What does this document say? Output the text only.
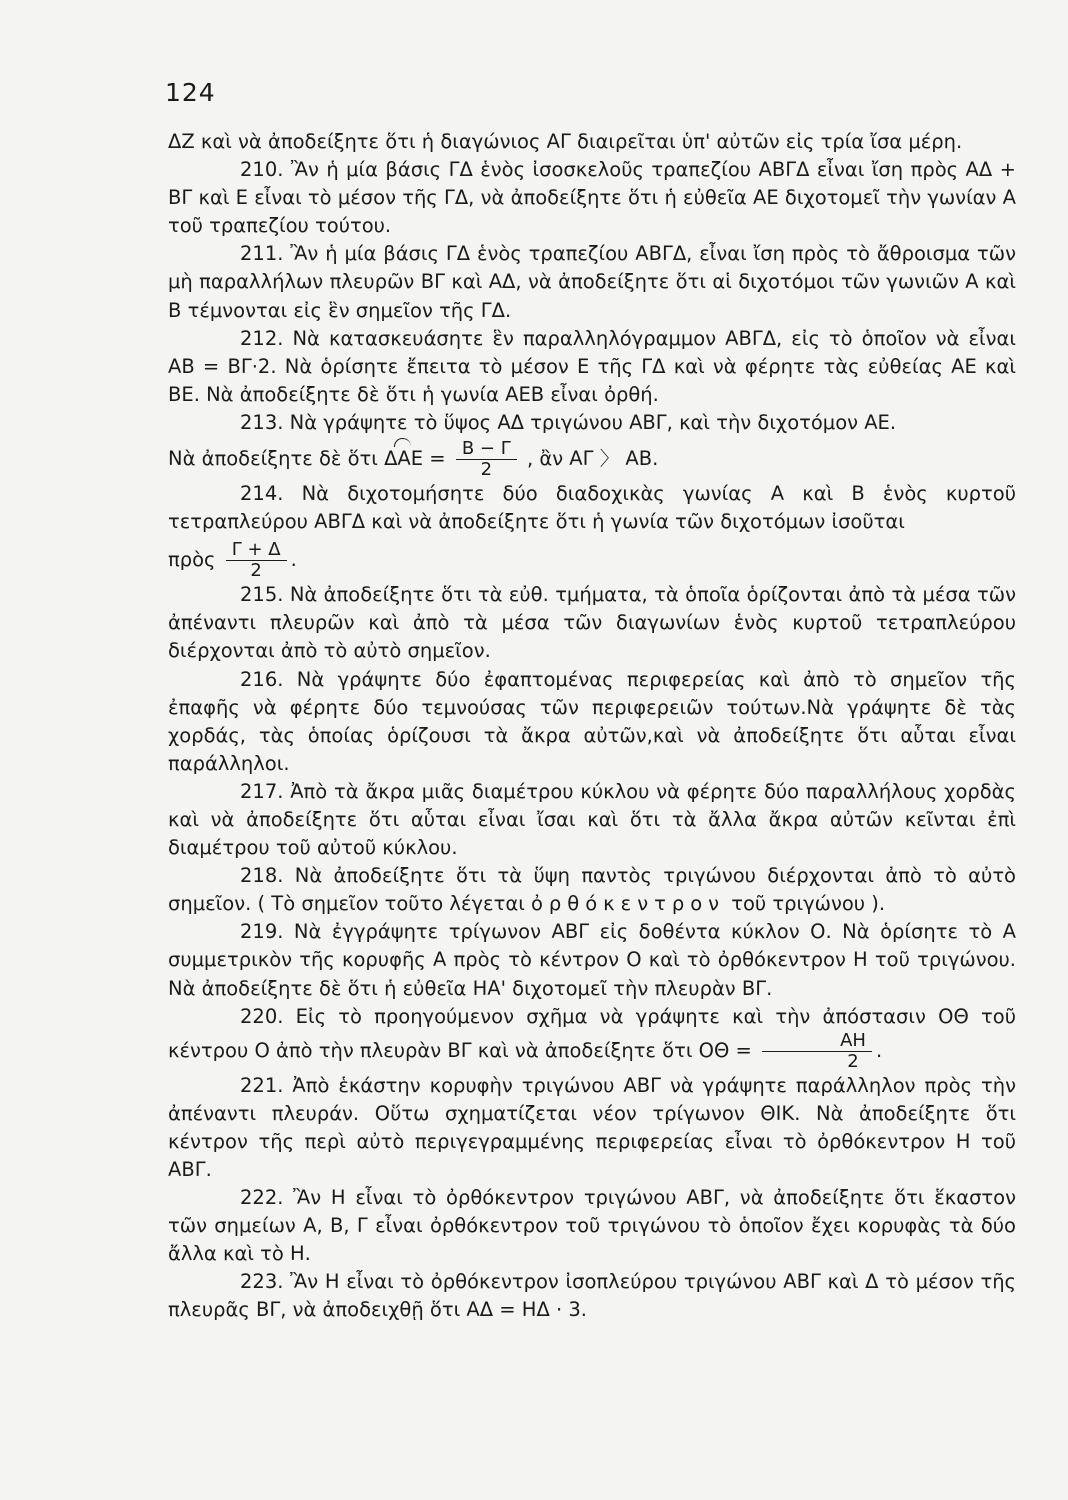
124

ΔΖ καὶ νὰ ἀποδείξητε ὅτι ἡ διαγώνιος ΑΓ διαιρεῖται ὑπ' αὐτῶν εἰς τρία ἴσα μέρη.

210. Ἂν ἡ μία βάσις ΓΔ ἑνὸς ἰσοσκελοῦς τραπεζίου ΑΒΓΔ εἶναι ἴση πρὸς ΑΔ + ΒΓ καὶ Ε εἶναι τὸ μέσον τῆς ΓΔ, νὰ ἀποδείξητε ὅτι ἡ εὐθεῖα ΑΕ διχοτομεῖ τὴν γωνίαν Α τοῦ τραπεζίου τούτου.

211. Ἂν ἡ μία βάσις ΓΔ ἑνὸς τραπεζίου ΑΒΓΔ, εἶναι ἴση πρὸς τὸ ἄθροισμα τῶν μὴ παραλλήλων πλευρῶν ΒΓ καὶ ΑΔ, νὰ ἀποδείξητε ὅτι αἱ διχοτόμοι τῶν γωνιῶν Α καὶ Β τέμνονται εἰς ἓν σημεῖον τῆς ΓΔ.

212. Νὰ κατασκευάσητε ἓν παραλληλόγραμμον ΑΒΓΔ, εἰς τὸ ὁποῖον νὰ εἶναι ΑΒ = ΒΓ·2. Νὰ ὁρίσητε ἔπειτα τὸ μέσον Ε τῆς ΓΔ καὶ νὰ φέρητε τὰς εὐθείας ΑΕ καὶ ΒΕ. Νὰ ἀποδείξητε δὲ ὅτι ἡ γωνία ΑΕΒ εἶναι ὀρθή.

213. Νὰ γράψητε τὸ ὕψος ΑΔ τριγώνου ΑΒΓ, καὶ τὴν διχοτόμον ΑΕ.
Νὰ ἀποδείξητε δὲ ὅτι $\Delta AE = \frac{B - \Gamma}{2}$ , ἂν ΑΓ 〉 ΑΒ.

214. Νὰ διχοτομήσητε δύο διαδοχικὰς γωνίας Α καὶ Β ἑνὸς κυρτοῦ τετραπλεύρου ΑΒΓΔ καὶ νὰ ἀποδείξητε ὅτι ἡ γωνία τῶν διχοτόμων ἰσοῦται
πρὸς $\frac{\Gamma + \Delta}{2}$ .

215. Νὰ ἀποδείξητε ὅτι τὰ εὐθ. τμήματα, τὰ ὁποῖα ὁρίζονται ἀπὸ τὰ μέσα τῶν ἀπέναντι πλευρῶν καὶ ἀπὸ τὰ μέσα τῶν διαγωνίων ἑνὸς κυρτοῦ τετραπλεύρου διέρχονται ἀπὸ τὸ αὐτὸ σημεῖον.

216. Νὰ γράψητε δύο ἐφαπτομένας περιφερείας καὶ ἀπὸ τὸ σημεῖον τῆς ἐπαφῆς νὰ φέρητε δύο τεμνούσας τῶν περιφερειῶν τούτων.Νὰ γράψητε δὲ τὰς χορδάς, τὰς ὁποίας ὁρίζουσι τὰ ἄκρα αὐτῶν,καὶ νὰ ἀποδείξητε ὅτι αὗται εἶναι παράλληλοι.

217. Ἀπὸ τὰ ἄκρα μιᾶς διαμέτρου κύκλου νὰ φέρητε δύο παραλλήλους χορδὰς καὶ νὰ ἀποδείξητε ὅτι αὗται εἶναι ἴσαι καὶ ὅτι τὰ ἄλλα ἄκρα αὐτῶν κεῖνται ἐπὶ διαμέτρου τοῦ αὐτοῦ κύκλου.

218. Νὰ ἀποδείξητε ὅτι τὰ ὕψη παντὸς τριγώνου διέρχονται ἀπὸ τὸ αὐτὸ σημεῖον. ( Τὸ σημεῖον τοῦτο λέγεται ὀρθόκεντρον τοῦ τριγώνου ).

219. Νὰ ἐγγράψητε τρίγωνον ΑΒΓ εἰς δοθέντα κύκλον Ο. Νὰ ὁρίσητε τὸ Α συμμετρικὸν τῆς κορυφῆς Α πρὸς τὸ κέντρον Ο καὶ τὸ ὀρθόκεντρον Η τοῦ τριγώνου. Νὰ ἀποδείξητε δὲ ὅτι ἡ εὐθεῖα ΗΑ' διχοτομεῖ τὴν πλευρὰν ΒΓ.

220. Εἰς τὸ προηγούμενον σχῆμα νὰ γράψητε καὶ τὴν ἀπόστασιν ΟΘ τοῦ κέντρου Ο ἀπὸ τὴν πλευρὰν ΒΓ καὶ νὰ ἀποδείξητε ὅτι $O\Theta = \frac{AH}{2}$ .

221. Ἀπὸ ἑκάστην κορυφὴν τριγώνου ΑΒΓ νὰ γράψητε παράλληλον πρὸς τὴν ἀπέναντι πλευράν. Οὕτω σχηματίζεται νέον τρίγωνον ΘΙΚ. Νὰ ἀποδείξητε ὅτι κέντρον τῆς περὶ αὐτὸ περιγεγραμμένης περιφερείας εἶναι τὸ ὀρθόκεντρον Η τοῦ ΑΒΓ.

222. Ἂν Η εἶναι τὸ ὀρθόκεντρον τριγώνου ΑΒΓ, νὰ ἀποδείξητε ὅτι ἕκαστον τῶν σημείων Α, Β, Γ εἶναι ὀρθόκεντρον τοῦ τριγώνου τὸ ὁποῖον ἔχει κορυφὰς τὰ δύο ἄλλα καὶ τὸ Η.

223. Ἂν Η εἶναι τὸ ὀρθόκεντρον ἰσοπλεύρου τριγώνου ΑΒΓ καὶ Δ τὸ μέσον τῆς πλευρᾶς ΒΓ, νὰ ἀποδειχθῇ ὅτι ΑΔ = ΗΔ · 3.
